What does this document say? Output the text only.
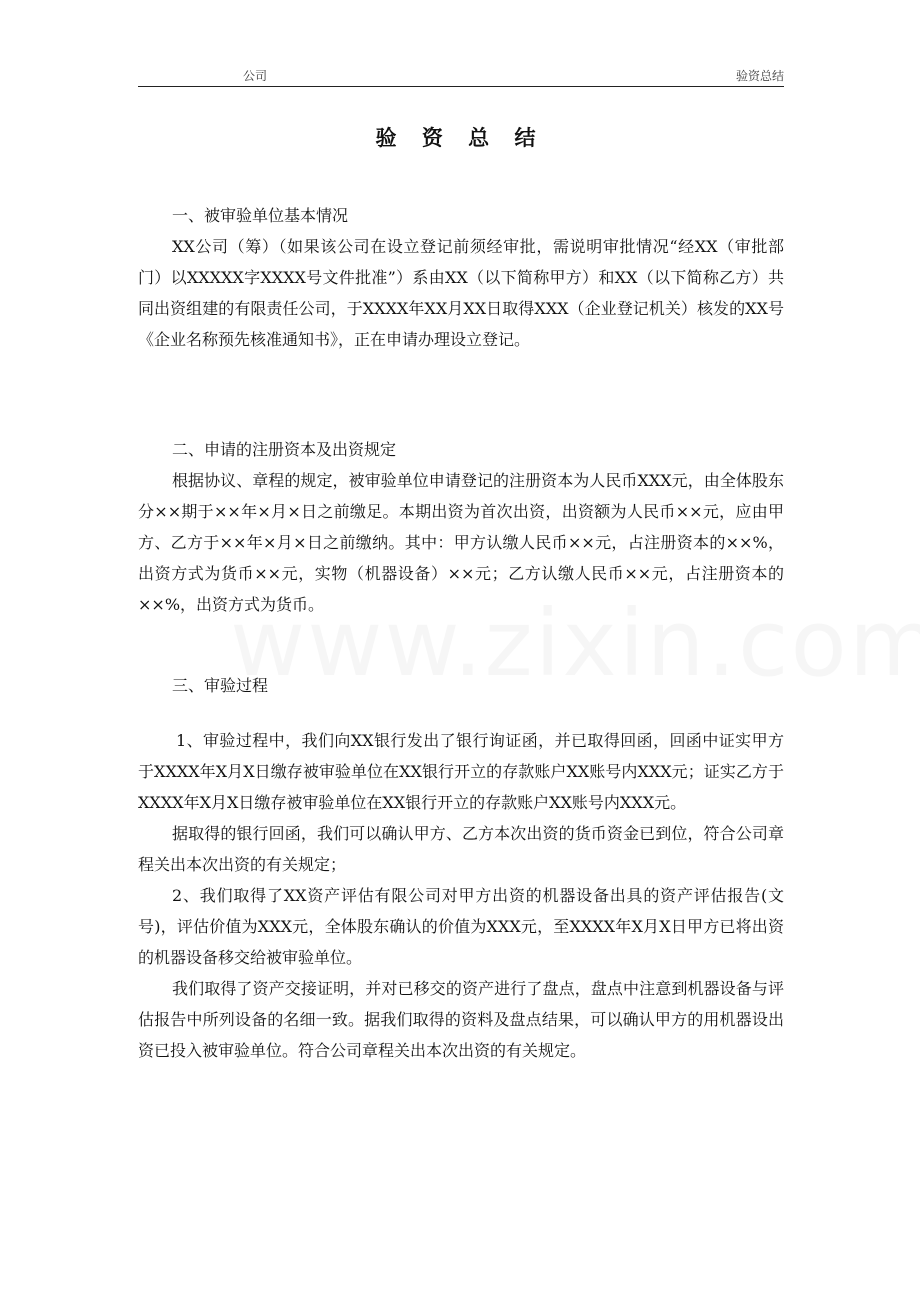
公司	验资总结
验 资 总 结
一、被审验单位基本情况

XX公司（筹）（如果该公司在设立登记前须经审批，需说明审批情况“经XX（审批部门）以XXXXX字XXXX号文件批准”）系由XX（以下简称甲方）和XX（以下简称乙方）共同出资组建的有限责任公司，于XXXX年XX月XX日取得XXX（企业登记机关）核发的XX号《企业名称预先核准通知书》，正在申请办理设立登记。

二、申请的注册资本及出资规定

根据协议、章程的规定，被审验单位申请登记的注册资本为人民币XXX元，由全体股东分××期于××年×月×日之前缴足。本期出资为首次出资，出资额为人民币××元，应由甲方、乙方于××年×月×日之前缴纳。其中：甲方认缴人民币××元，占注册资本的××%，出资方式为货币××元，实物（机器设备）××元；乙方认缴人民币××元，占注册资本的××%，出资方式为货币。

三、审验过程

1、审验过程中，我们向XX银行发出了银行询证函，并已取得回函，回函中证实甲方于XXXX年X月X日缴存被审验单位在XX银行开立的存款账户XX账号内XXX元；证实乙方于XXXX年X月X日缴存被审验单位在XX银行开立的存款账户XX账号内XXX元。

据取得的银行回函，我们可以确认甲方、乙方本次出资的货币资金已到位，符合公司章程关出本次出资的有关规定；

2、我们取得了XX资产评估有限公司对甲方出资的机器设备出具的资产评估报告(文号)，评估价值为XXX元，全体股东确认的价值为XXX元，至XXXX年X月X日甲方已将出资的机器设备移交给被审验单位。

我们取得了资产交接证明，并对已移交的资产进行了盘点，盘点中注意到机器设备与评估报告中所列设备的名细一致。据我们取得的资料及盘点结果，可以确认甲方的用机器设出资已投入被审验单位。符合公司章程关出本次出资的有关规定。
